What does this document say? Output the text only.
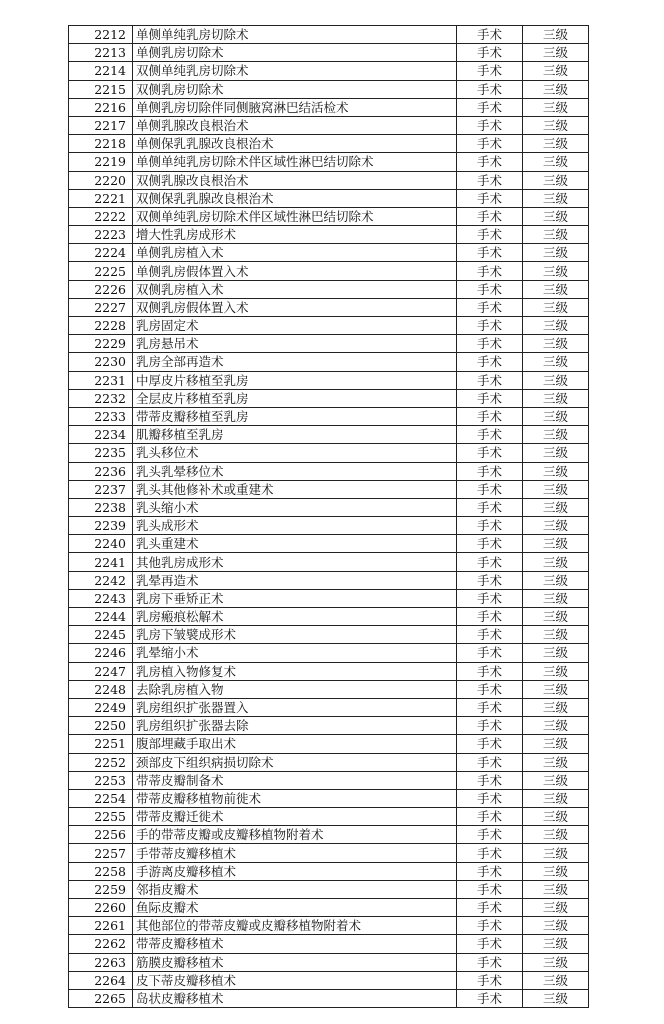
2212	单侧单纯乳房切除术	手术	三级
2213	单侧乳房切除术	手术	三级
2214	双侧单纯乳房切除术	手术	三级
2215	双侧乳房切除术	手术	三级
2216	单侧乳房切除伴同侧腋窝淋巴结活检术	手术	三级
2217	单侧乳腺改良根治术	手术	三级
2218	单侧保乳乳腺改良根治术	手术	三级
2219	单侧单纯乳房切除术伴区域性淋巴结切除术	手术	三级
2220	双侧乳腺改良根治术	手术	三级
2221	双侧保乳乳腺改良根治术	手术	三级
2222	双侧单纯乳房切除术伴区域性淋巴结切除术	手术	三级
2223	增大性乳房成形术	手术	三级
2224	单侧乳房植入术	手术	三级
2225	单侧乳房假体置入术	手术	三级
2226	双侧乳房植入术	手术	三级
2227	双侧乳房假体置入术	手术	三级
2228	乳房固定术	手术	三级
2229	乳房悬吊术	手术	三级
2230	乳房全部再造术	手术	三级
2231	中厚皮片移植至乳房	手术	三级
2232	全层皮片移植至乳房	手术	三级
2233	带蒂皮瓣移植至乳房	手术	三级
2234	肌瓣移植至乳房	手术	三级
2235	乳头移位术	手术	三级
2236	乳头乳晕移位术	手术	三级
2237	乳头其他修补术或重建术	手术	三级
2238	乳头缩小术	手术	三级
2239	乳头成形术	手术	三级
2240	乳头重建术	手术	三级
2241	其他乳房成形术	手术	三级
2242	乳晕再造术	手术	三级
2243	乳房下垂矫正术	手术	三级
2244	乳房瘢痕松解术	手术	三级
2245	乳房下皱襞成形术	手术	三级
2246	乳晕缩小术	手术	三级
2247	乳房植入物修复术	手术	三级
2248	去除乳房植入物	手术	三级
2249	乳房组织扩张器置入	手术	三级
2250	乳房组织扩张器去除	手术	三级
2251	腹部埋藏手取出术	手术	三级
2252	颈部皮下组织病损切除术	手术	三级
2253	带蒂皮瓣制备术	手术	三级
2254	带蒂皮瓣移植物前徙术	手术	三级
2255	带蒂皮瓣迁徙术	手术	三级
2256	手的带蒂皮瓣或皮瓣移植物附着术	手术	三级
2257	手带蒂皮瓣移植术	手术	三级
2258	手游离皮瓣移植术	手术	三级
2259	邻指皮瓣术	手术	三级
2260	鱼际皮瓣术	手术	三级
2261	其他部位的带蒂皮瓣或皮瓣移植物附着术	手术	三级
2262	带蒂皮瓣移植术	手术	三级
2263	筋膜皮瓣移植术	手术	三级
2264	皮下蒂皮瓣移植术	手术	三级
2265	岛状皮瓣移植术	手术	三级
